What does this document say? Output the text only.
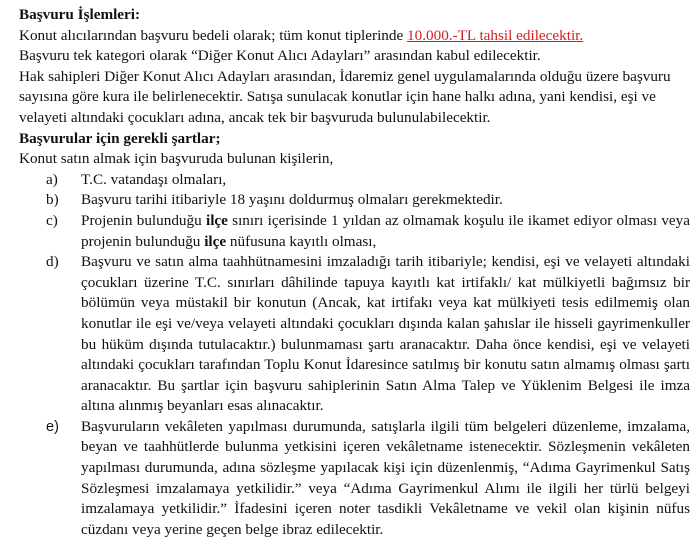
Başvuru İşlemleri:

Konut alıcılarından başvuru bedeli olarak; tüm konut tiplerinde 10.000.-TL tahsil edilecektir.

Başvuru tek kategori olarak “Diğer Konut Alıcı Adayları” arasından kabul edilecektir.

Hak sahipleri Diğer Konut Alıcı Adayları arasından, İdaremiz genel uygulamalarında olduğu üzere başvuru sayısına göre kura ile belirlenecektir. Satışa sunulacak konutlar için hane halkı adına, yani kendisi, eşi ve velayeti altındaki çocukları adına, ancak tek bir başvuruda bulunulabilecektir.

Başvurular için gerekli şartlar;

Konut satın almak için başvuruda bulunan kişilerin,

a) T.C. vatandaşı olmaları,
b) Başvuru tarihi itibariyle 18 yaşını doldurmuş olmaları gerekmektedir.
c) Projenin bulunduğu ilçe sınırı içerisinde 1 yıldan az olmamak koşulu ile ikamet ediyor olması veya projenin bulunduğu ilçe nüfusuna kayıtlı olması,
d) Başvuru ve satın alma taahhütnamesini imzaladığı tarih itibariyle; kendisi, eşi ve velayeti altındaki çocukları üzerine T.C. sınırları dâhilinde tapuya kayıtlı kat irtifaklı/ kat mülkiyetli bağımsız bir bölümün veya müstakil bir konutun (Ancak, kat irtifakı veya kat mülkiyeti tesis edilmemiş olan konutlar ile eşi ve/veya velayeti altındaki çocukları dışında kalan şahıslar ile hisseli gayrimenkuller bu hüküm dışında tutulacaktır.) bulunmaması şartı aranacaktır. Daha önce kendisi, eşi ve velayeti altındaki çocukları tarafından Toplu Konut İdaresince satılmış bir konutu satın almamış olması şartı aranacaktır. Bu şartlar için başvuru sahiplerinin Satın Alma Talep ve Yüklenim Belgesi ile imza altına alınmış beyanları esas alınacaktır.
e) Başvuruların vekâleten yapılması durumunda, satışlarla ilgili tüm belgeleri düzenleme, imzalama, beyan ve taahhütlerde bulunma yetkisini içeren vekâletname istenecektir. Sözleşmenin vekâleten yapılması durumunda, adına sözleşme yapılacak kişi için düzenlenmiş, “Adıma Gayrimenkul Satış Sözleşmesi imzalamaya yetkilidir.” veya “Adıma Gayrimenkul Alımı ile ilgili her türlü belgeyi imzalamaya yetkilidir.” İfadesini içeren noter tasdikli Vekâletname ve vekil olan kişinin nüfus cüzdanı veya yerine geçen belge ibraz edilecektir.
